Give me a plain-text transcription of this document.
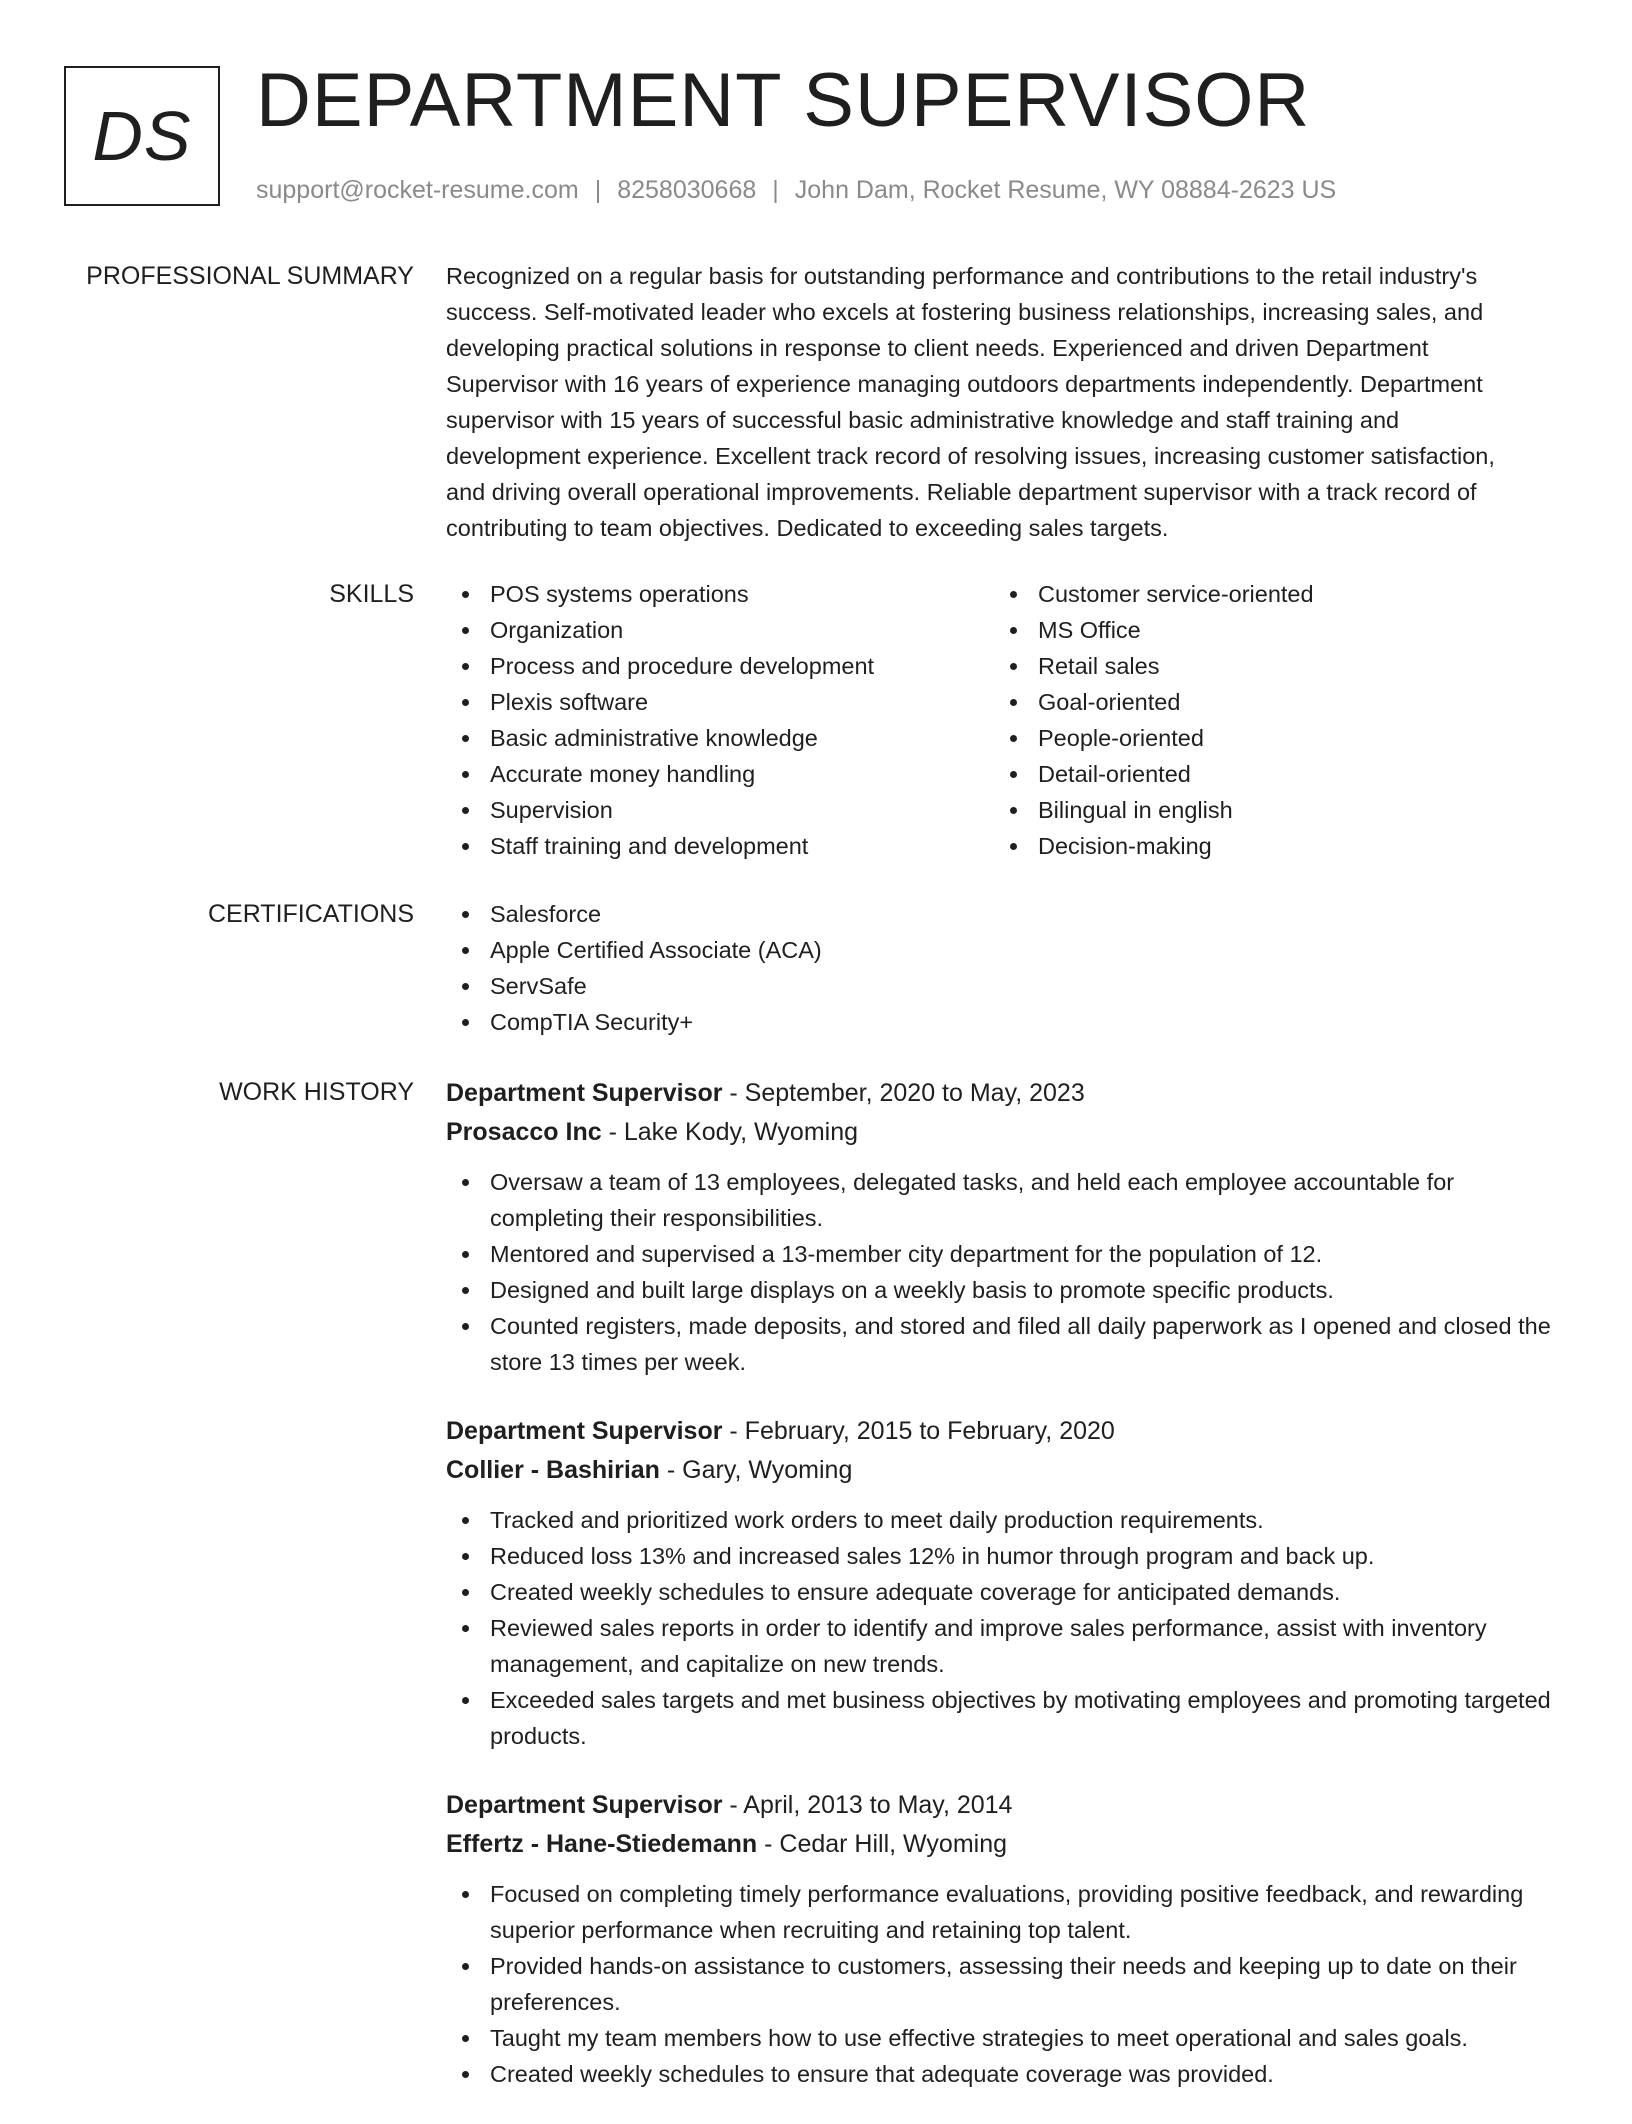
DS DEPARTMENT SUPERVISOR
support@rocket-resume.com | 8258030668 | John Dam, Rocket Resume, WY 08884-2623 US
PROFESSIONAL SUMMARY Recognized on a regular basis for outstanding performance and contributions to the retail industry's
success. Self-motivated leader who excels at fostering business relationships, increasing sales, and
developing practical solutions in response to client needs. Experienced and driven Department
Supervisor with 16 years of experience managing outdoors departments independently. Department
supervisor with 15 years of successful basic administrative knowledge and staff training and
development experience. Excellent track record of resolving issues, increasing customer satisfaction,
and driving overall operational improvements. Reliable department supervisor with a track record of
contributing to team objectives. Dedicated to exceeding sales targets.
SKILLS	POS systems operations
Organization
Process and procedure development
Plexis software
Basic administrative knowledge
Accurate money handling
Supervision
Staff training and development
Customer service-oriented
MS Office
Retail sales
Goal-oriented
People-oriented
Detail-oriented
Bilingual in english
Decision-making
CERTIFICATIONS	Salesforce
Apple Certified Associate (ACA)
ServSafe
CompTIA Security+
WORK HISTORY Department Supervisor - September, 2020 to May, 2023
Prosacco Inc - Lake Kody, Wyoming
Oversaw a team of 13 employees, delegated tasks, and held each employee accountable for completing their responsibilities.
Mentored and supervised a 13-member city department for the population of 12.
Designed and built large displays on a weekly basis to promote specific products.
Counted registers, made deposits, and stored and filed all daily paperwork as I opened and closed the store 13 times per week.
Department Supervisor - February, 2015 to February, 2020
Collier - Bashirian - Gary, Wyoming
Tracked and prioritized work orders to meet daily production requirements.
Reduced loss 13% and increased sales 12% in humor through program and back up.
Created weekly schedules to ensure adequate coverage for anticipated demands.
Reviewed sales reports in order to identify and improve sales performance, assist with inventory management, and capitalize on new trends.
Exceeded sales targets and met business objectives by motivating employees and promoting targeted products.
Department Supervisor - April, 2013 to May, 2014
Effertz - Hane-Stiedemann - Cedar Hill, Wyoming
Focused on completing timely performance evaluations, providing positive feedback, and rewarding superior performance when recruiting and retaining top talent.
Provided hands-on assistance to customers, assessing their needs and keeping up to date on their preferences.
Taught my team members how to use effective strategies to meet operational and sales goals.
Created weekly schedules to ensure that adequate coverage was provided.
